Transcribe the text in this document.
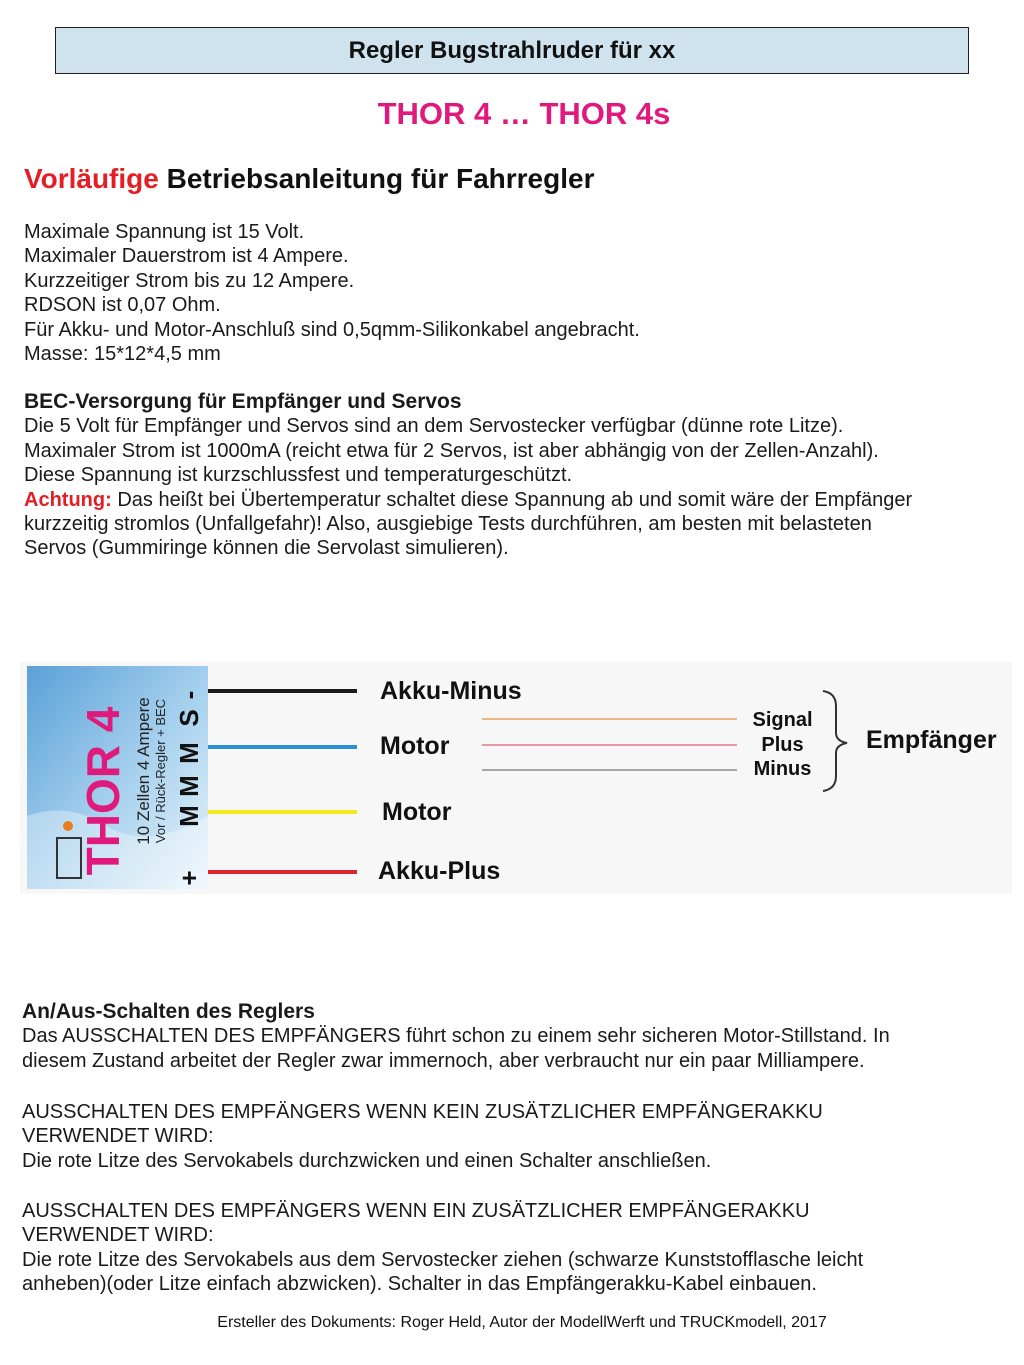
Regler Bugstrahlruder für xx
THOR 4 … THOR 4s
Vorläufige Betriebsanleitung für Fahrregler
Maximale Spannung ist 15 Volt.
Maximaler Dauerstrom ist 4 Ampere.
Kurzzeitiger Strom bis zu 12 Ampere.
RDSON ist 0,07 Ohm.
Für Akku- und Motor-Anschluß sind 0,5qmm-Silikonkabel angebracht.
Masse: 15*12*4,5 mm
BEC-Versorgung für Empfänger und Servos
Die 5 Volt für Empfänger und Servos sind an dem Servostecker verfügbar (dünne rote Litze).
Maximaler Strom ist 1000mA (reicht etwa für 2 Servos, ist aber abhängig von der Zellen-Anzahl).
Diese Spannung ist kurzschlussfest und temperaturgeschützt.
Achtung: Das heißt bei Übertemperatur schaltet diese Spannung ab und somit wäre der Empfänger
kurzzeitig stromlos (Unfallgefahr)! Also, ausgiebige Tests durchführen, am besten mit belasteten
Servos (Gummiringe können die Servolast simulieren).
THOR 4 10 Zellen 4 Ampere Vor / Rück-Regler + BEC
-
S
M
M
M
+
Akku-Minus
Motor
Motor
Akku-Plus
Signal
Plus
Minus
Empfänger
An/Aus-Schalten des Reglers
Das AUSSCHALTEN DES EMPFÄNGERS führt schon zu einem sehr sicheren Motor-Stillstand. In
diesem Zustand arbeitet der Regler zwar immernoch, aber verbraucht nur ein paar Milliampere.
AUSSCHALTEN DES EMPFÄNGERS WENN KEIN ZUSÄTZLICHER EMPFÄNGERAKKU
VERWENDET WIRD:
Die rote Litze des Servokabels durchzwicken und einen Schalter anschließen.
AUSSCHALTEN DES EMPFÄNGERS WENN EIN ZUSÄTZLICHER EMPFÄNGERAKKU
VERWENDET WIRD:
Die rote Litze des Servokabels aus dem Servostecker ziehen (schwarze Kunststofflasche leicht
anheben)(oder Litze einfach abzwicken). Schalter in das Empfängerakku-Kabel einbauen.
Ersteller des Dokuments: Roger Held, Autor der ModellWerft und TRUCKmodell, 2017
